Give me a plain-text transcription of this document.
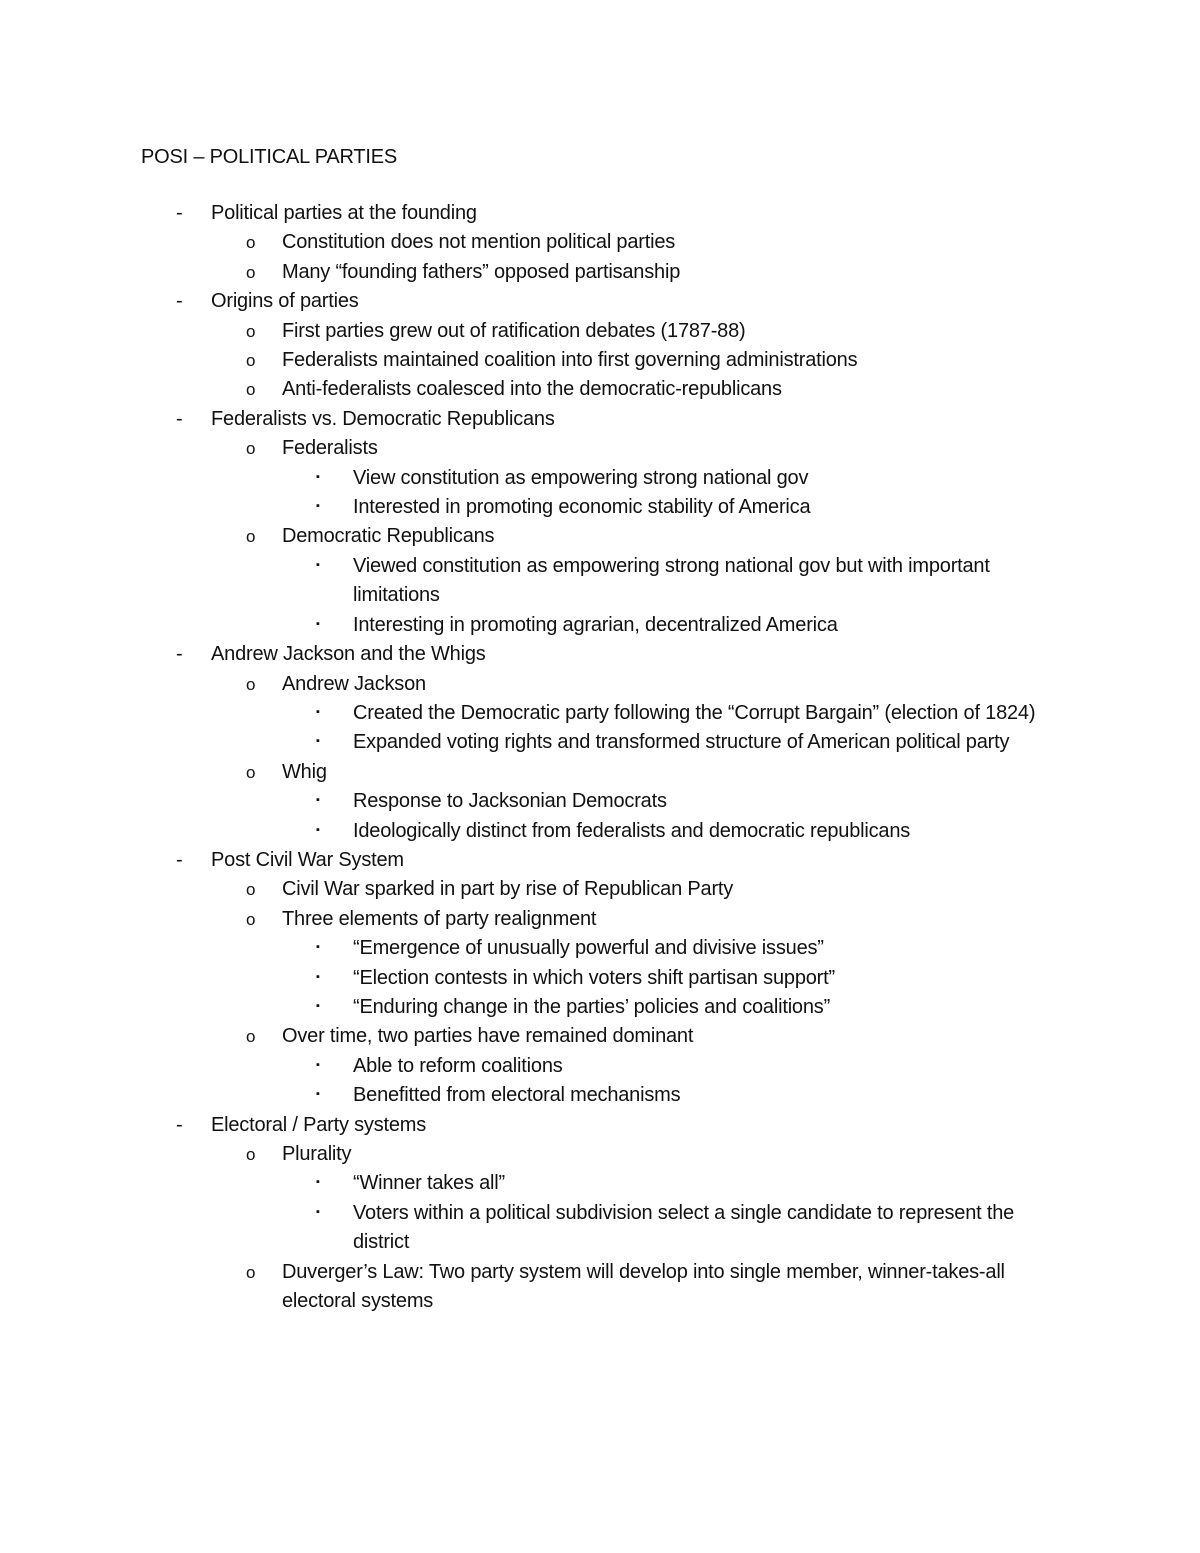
POSI – POLITICAL PARTIES
- Political parties at the founding
o Constitution does not mention political parties
o Many “founding fathers” opposed partisanship
- Origins of parties
o First parties grew out of ratification debates (1787-88)
o Federalists maintained coalition into first governing administrations
o Anti-federalists coalesced into the democratic-republicans
- Federalists vs. Democratic Republicans
o Federalists
▪ View constitution as empowering strong national gov
▪ Interested in promoting economic stability of America
o Democratic Republicans
▪ Viewed constitution as empowering strong national gov but with important limitations
▪ Interesting in promoting agrarian, decentralized America
- Andrew Jackson and the Whigs
o Andrew Jackson
▪ Created the Democratic party following the “Corrupt Bargain” (election of 1824)
▪ Expanded voting rights and transformed structure of American political party
o Whig
▪ Response to Jacksonian Democrats
▪ Ideologically distinct from federalists and democratic republicans
- Post Civil War System
o Civil War sparked in part by rise of Republican Party
o Three elements of party realignment
▪ “Emergence of unusually powerful and divisive issues”
▪ “Election contests in which voters shift partisan support”
▪ “Enduring change in the parties’ policies and coalitions”
o Over time, two parties have remained dominant
▪ Able to reform coalitions
▪ Benefitted from electoral mechanisms
- Electoral / Party systems
o Plurality
▪ “Winner takes all”
▪ Voters within a political subdivision select a single candidate to represent the district
o Duverger’s Law: Two party system will develop into single member, winner-takes-all electoral systems
